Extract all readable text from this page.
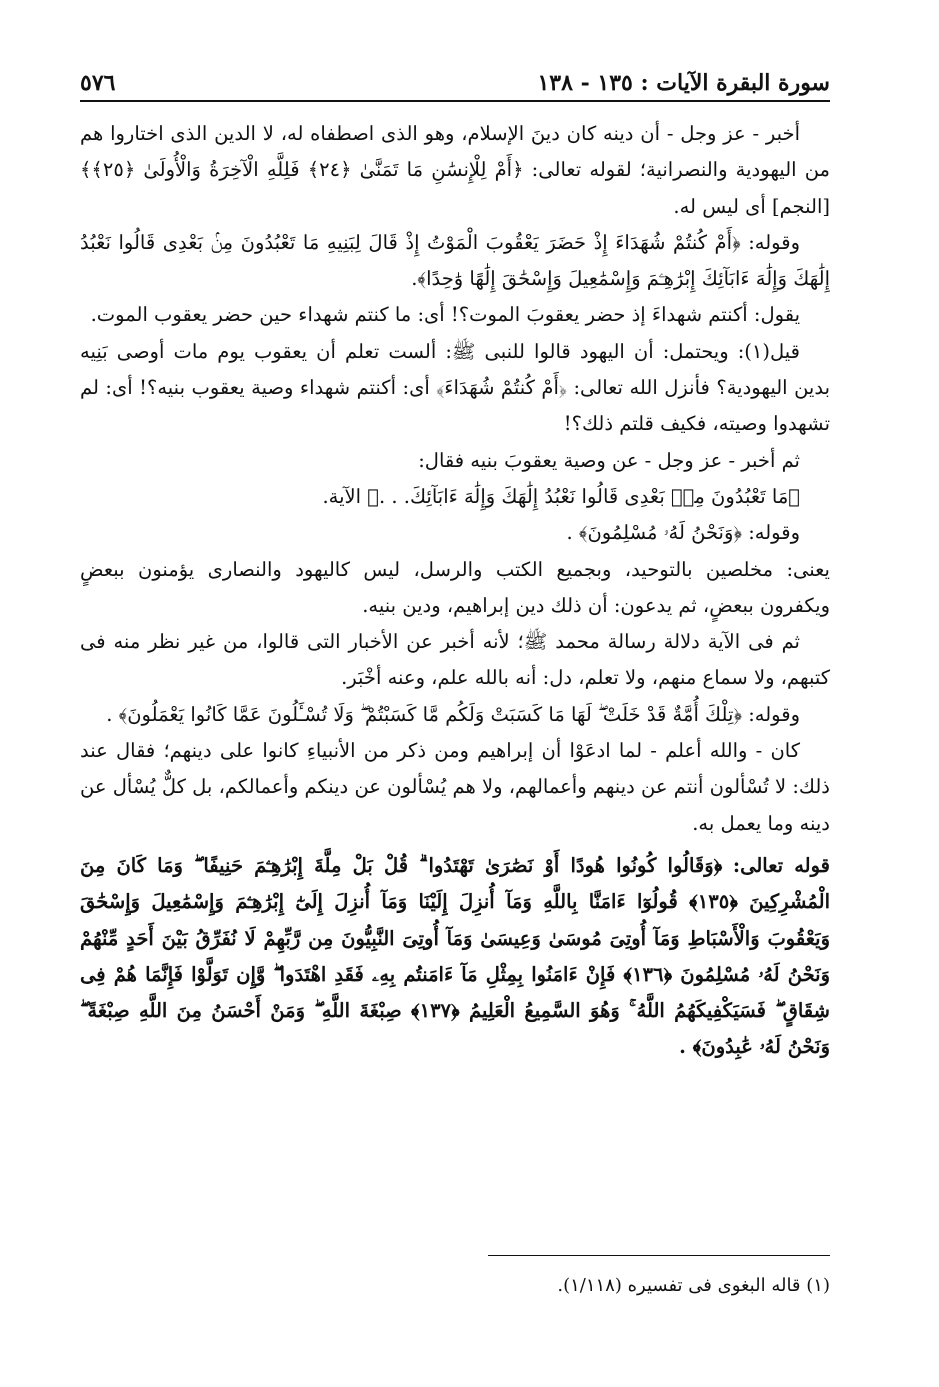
سورة البقرة الآيات : ١٣٥ - ١٣٨
٥٧٦

أخبر - عز وجل - أن دينه كان دينَ الإسلام، وهو الذى اصطفاه له، لا الدين الذى اختاروا هم من اليهودية والنصرانية؛ لقوله تعالى: ﴿أَمْ لِلْإِنسَٰنِ مَا تَمَنَّىٰ ﴿٢٤﴾ فَلِلَّهِ الْآخِرَةُ وَالْأُولَىٰ ﴿٢٥﴾﴾ [النجم] أى ليس له.

وقوله: ﴿أَمْ كُنتُمْ شُهَدَاءَ إِذْ حَضَرَ يَعْقُوبَ الْمَوْتُ إِذْ قَالَ لِبَنِيهِ مَا تَعْبُدُونَ مِنۢ بَعْدِى قَالُوا نَعْبُدُ إِلَٰهَكَ وَإِلَٰهَ ءَابَآئِكَ إِبْرَٰهِـۧمَ وَإِسْمَٰعِيلَ وَإِسْحَٰقَ إِلَٰهًا وَٰحِدًا﴾.

يقول: أكنتم شهداءَ إذ حضر يعقوبَ الموت؟! أى: ما كنتم شهداء حين حضر يعقوب الموت.

قيل(١): ويحتمل: أن اليهود قالوا للنبى ﷺ: ألست تعلم أن يعقوب يوم مات أوصى بَنِيه بدين اليهودية؟ فأنزل الله تعالى: ﴿أَمْ كُنتُمْ شُهَدَاءَ﴾ أى: أكنتم شهداء وصية يعقوب بنيه؟! أى: لم تشهدوا وصيته، فكيف قلتم ذلك؟!

ثم أخبر - عز وجل - عن وصية يعقوبَ بنيه فقال:

﴿مَا تَعْبُدُونَ مِنۢ بَعْدِى قَالُوا نَعْبُدُ إِلَٰهَكَ وَإِلَٰهَ ءَابَآئِكَ. . .﴾ الآية.

وقوله: ﴿وَنَحْنُ لَهُۥ مُسْلِمُونَ﴾ .

يعنى: مخلصين بالتوحيد، وبجميع الكتب والرسل، ليس كاليهود والنصارى يؤمنون ببعضٍ ويكفرون ببعضٍ، ثم يدعون: أن ذلك دين إبراهيم، ودين بنيه.

ثم فى الآية دلالة رسالة محمد ﷺ؛ لأنه أخبر عن الأخبار التى قالوا، من غير نظر منه فى كتبهم، ولا سماع منهم، ولا تعلم، دل: أنه بالله علم، وعنه أخْبَر.

وقوله: ﴿تِلْكَ أُمَّةٌ قَدْ خَلَتْ ۖ لَهَا مَا كَسَبَتْ وَلَكُم مَّا كَسَبْتُمْ ۖ وَلَا تُسْـَٔلُونَ عَمَّا كَانُوا يَعْمَلُونَ﴾ .

كان - والله أعلم - لما ادعَوْا أن إبراهيم ومن ذكر من الأنبياءِ كانوا على دينهم؛ فقال عند ذلك: لا تُسْألون أنتم عن دينهم وأعمالهم، ولا هم يُسْألون عن دينكم وأعمالكم، بل كلٌّ يُسْأل عن دينه وما يعمل به.

قوله تعالى: ﴿وَقَالُوا كُونُوا هُودًا أَوْ نَصَٰرَىٰ تَهْتَدُوا ۗ قُلْ بَلْ مِلَّةَ إِبْرَٰهِـۧمَ حَنِيفًا ۖ وَمَا كَانَ مِنَ الْمُشْرِكِينَ ﴿١٣٥﴾ قُولُوٓا ءَامَنَّا بِاللَّهِ وَمَآ أُنزِلَ إِلَيْنَا وَمَآ أُنزِلَ إِلَىٰٓ إِبْرَٰهِـۧمَ وَإِسْمَٰعِيلَ وَإِسْحَٰقَ وَيَعْقُوبَ وَالْأَسْبَاطِ وَمَآ أُوتِىَ مُوسَىٰ وَعِيسَىٰ وَمَآ أُوتِىَ النَّبِيُّونَ مِن رَّبِّهِمْ لَا نُفَرِّقُ بَيْنَ أَحَدٍ مِّنْهُمْ وَنَحْنُ لَهُۥ مُسْلِمُونَ ﴿١٣٦﴾ فَإِنْ ءَامَنُوا بِمِثْلِ مَآ ءَامَنتُم بِهِۦ فَقَدِ اهْتَدَوا ۖ وَّإِن تَوَلَّوْا فَإِنَّمَا هُمْ فِى شِقَاقٍ ۖ فَسَيَكْفِيكَهُمُ اللَّهُ ۚ وَهُوَ السَّمِيعُ الْعَلِيمُ ﴿١٣٧﴾ صِبْغَةَ اللَّهِ ۖ وَمَنْ أَحْسَنُ مِنَ اللَّهِ صِبْغَةً ۖ وَنَحْنُ لَهُۥ عَٰبِدُونَ﴾ .

(١) قاله البغوى فى تفسيره (١/١١٨).
